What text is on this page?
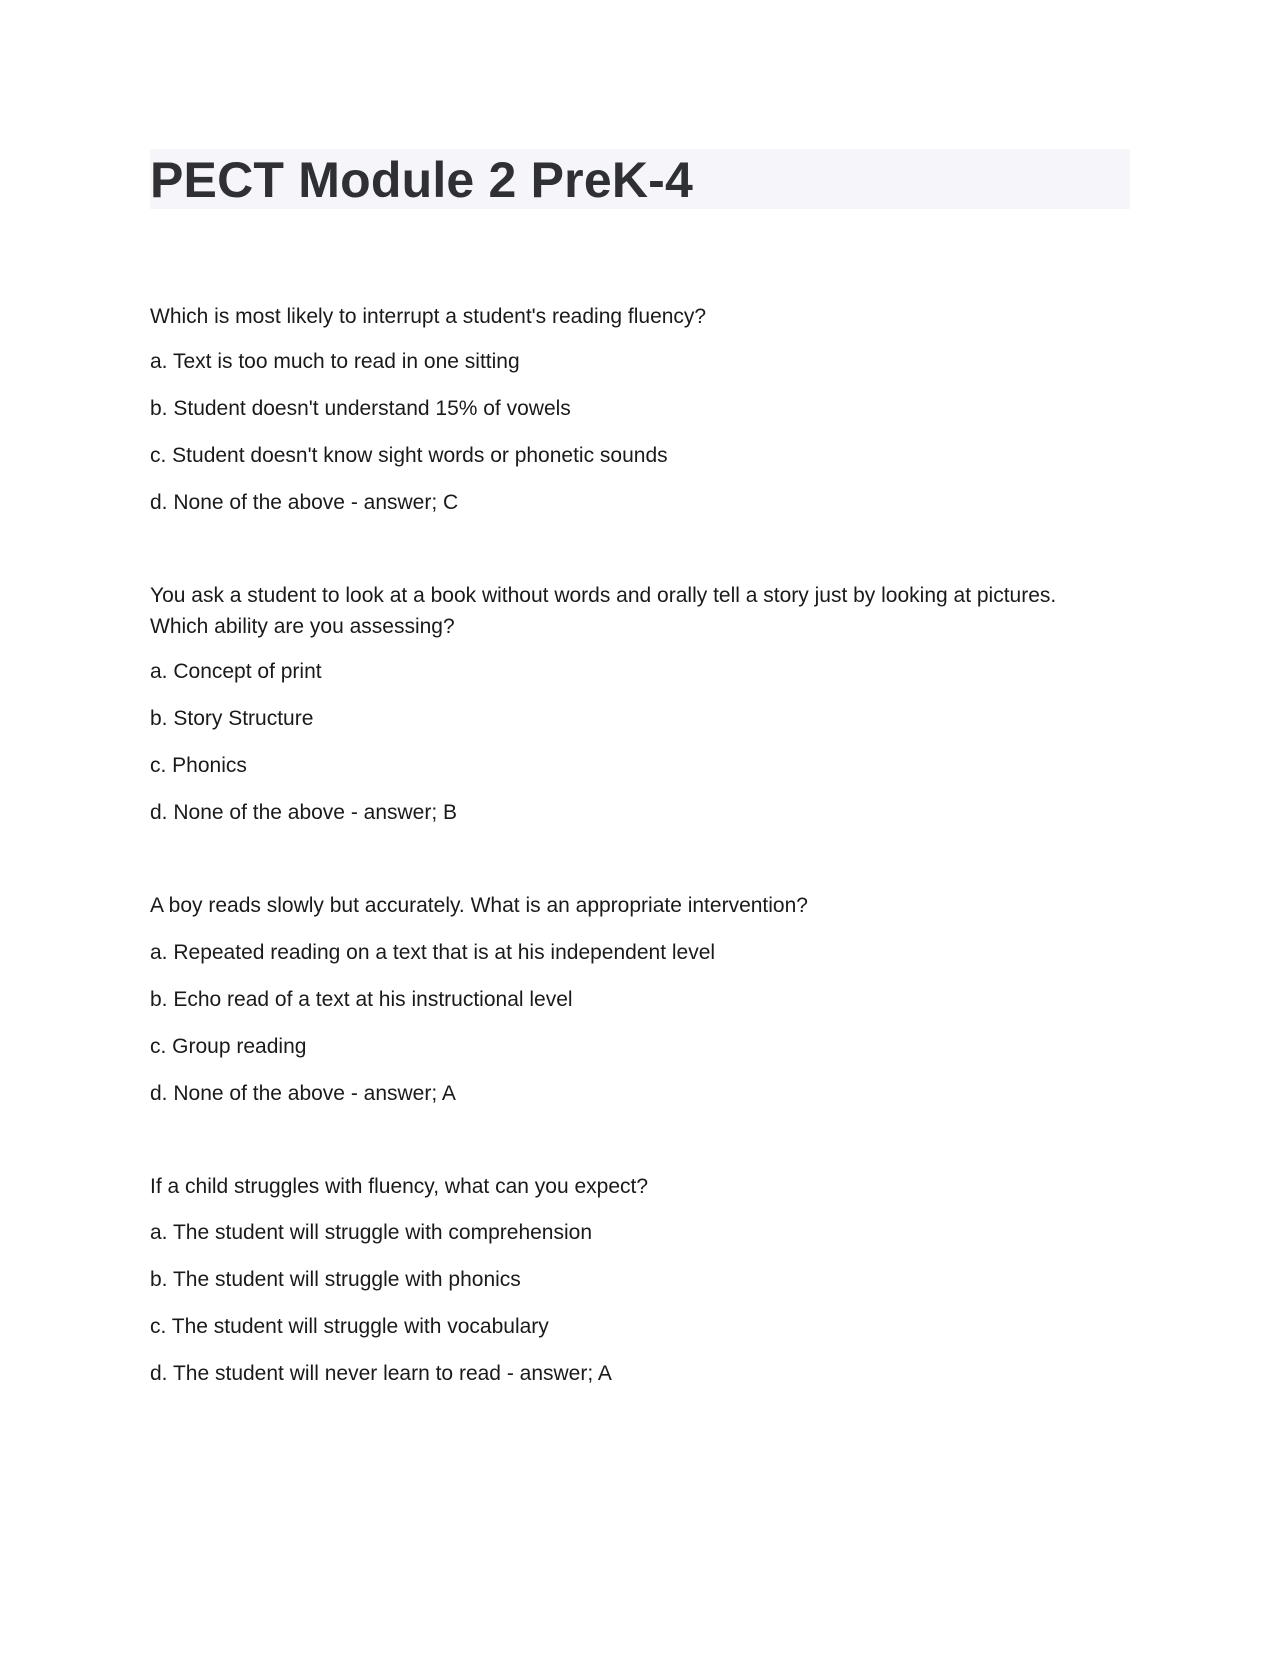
PECT Module 2 PreK-4

Which is most likely to interrupt a student's reading fluency?

a. Text is too much to read in one sitting

b. Student doesn't understand 15% of vowels

c. Student doesn't know sight words or phonetic sounds

d. None of the above - answer; C

You ask a student to look at a book without words and orally tell a story just by looking at pictures. Which ability are you assessing?

a. Concept of print

b. Story Structure

c. Phonics

d. None of the above - answer; B

A boy reads slowly but accurately. What is an appropriate intervention?

a. Repeated reading on a text that is at his independent level

b. Echo read of a text at his instructional level

c. Group reading

d. None of the above - answer; A

If a child struggles with fluency, what can you expect?

a. The student will struggle with comprehension

b. The student will struggle with phonics

c. The student will struggle with vocabulary

d. The student will never learn to read - answer; A
